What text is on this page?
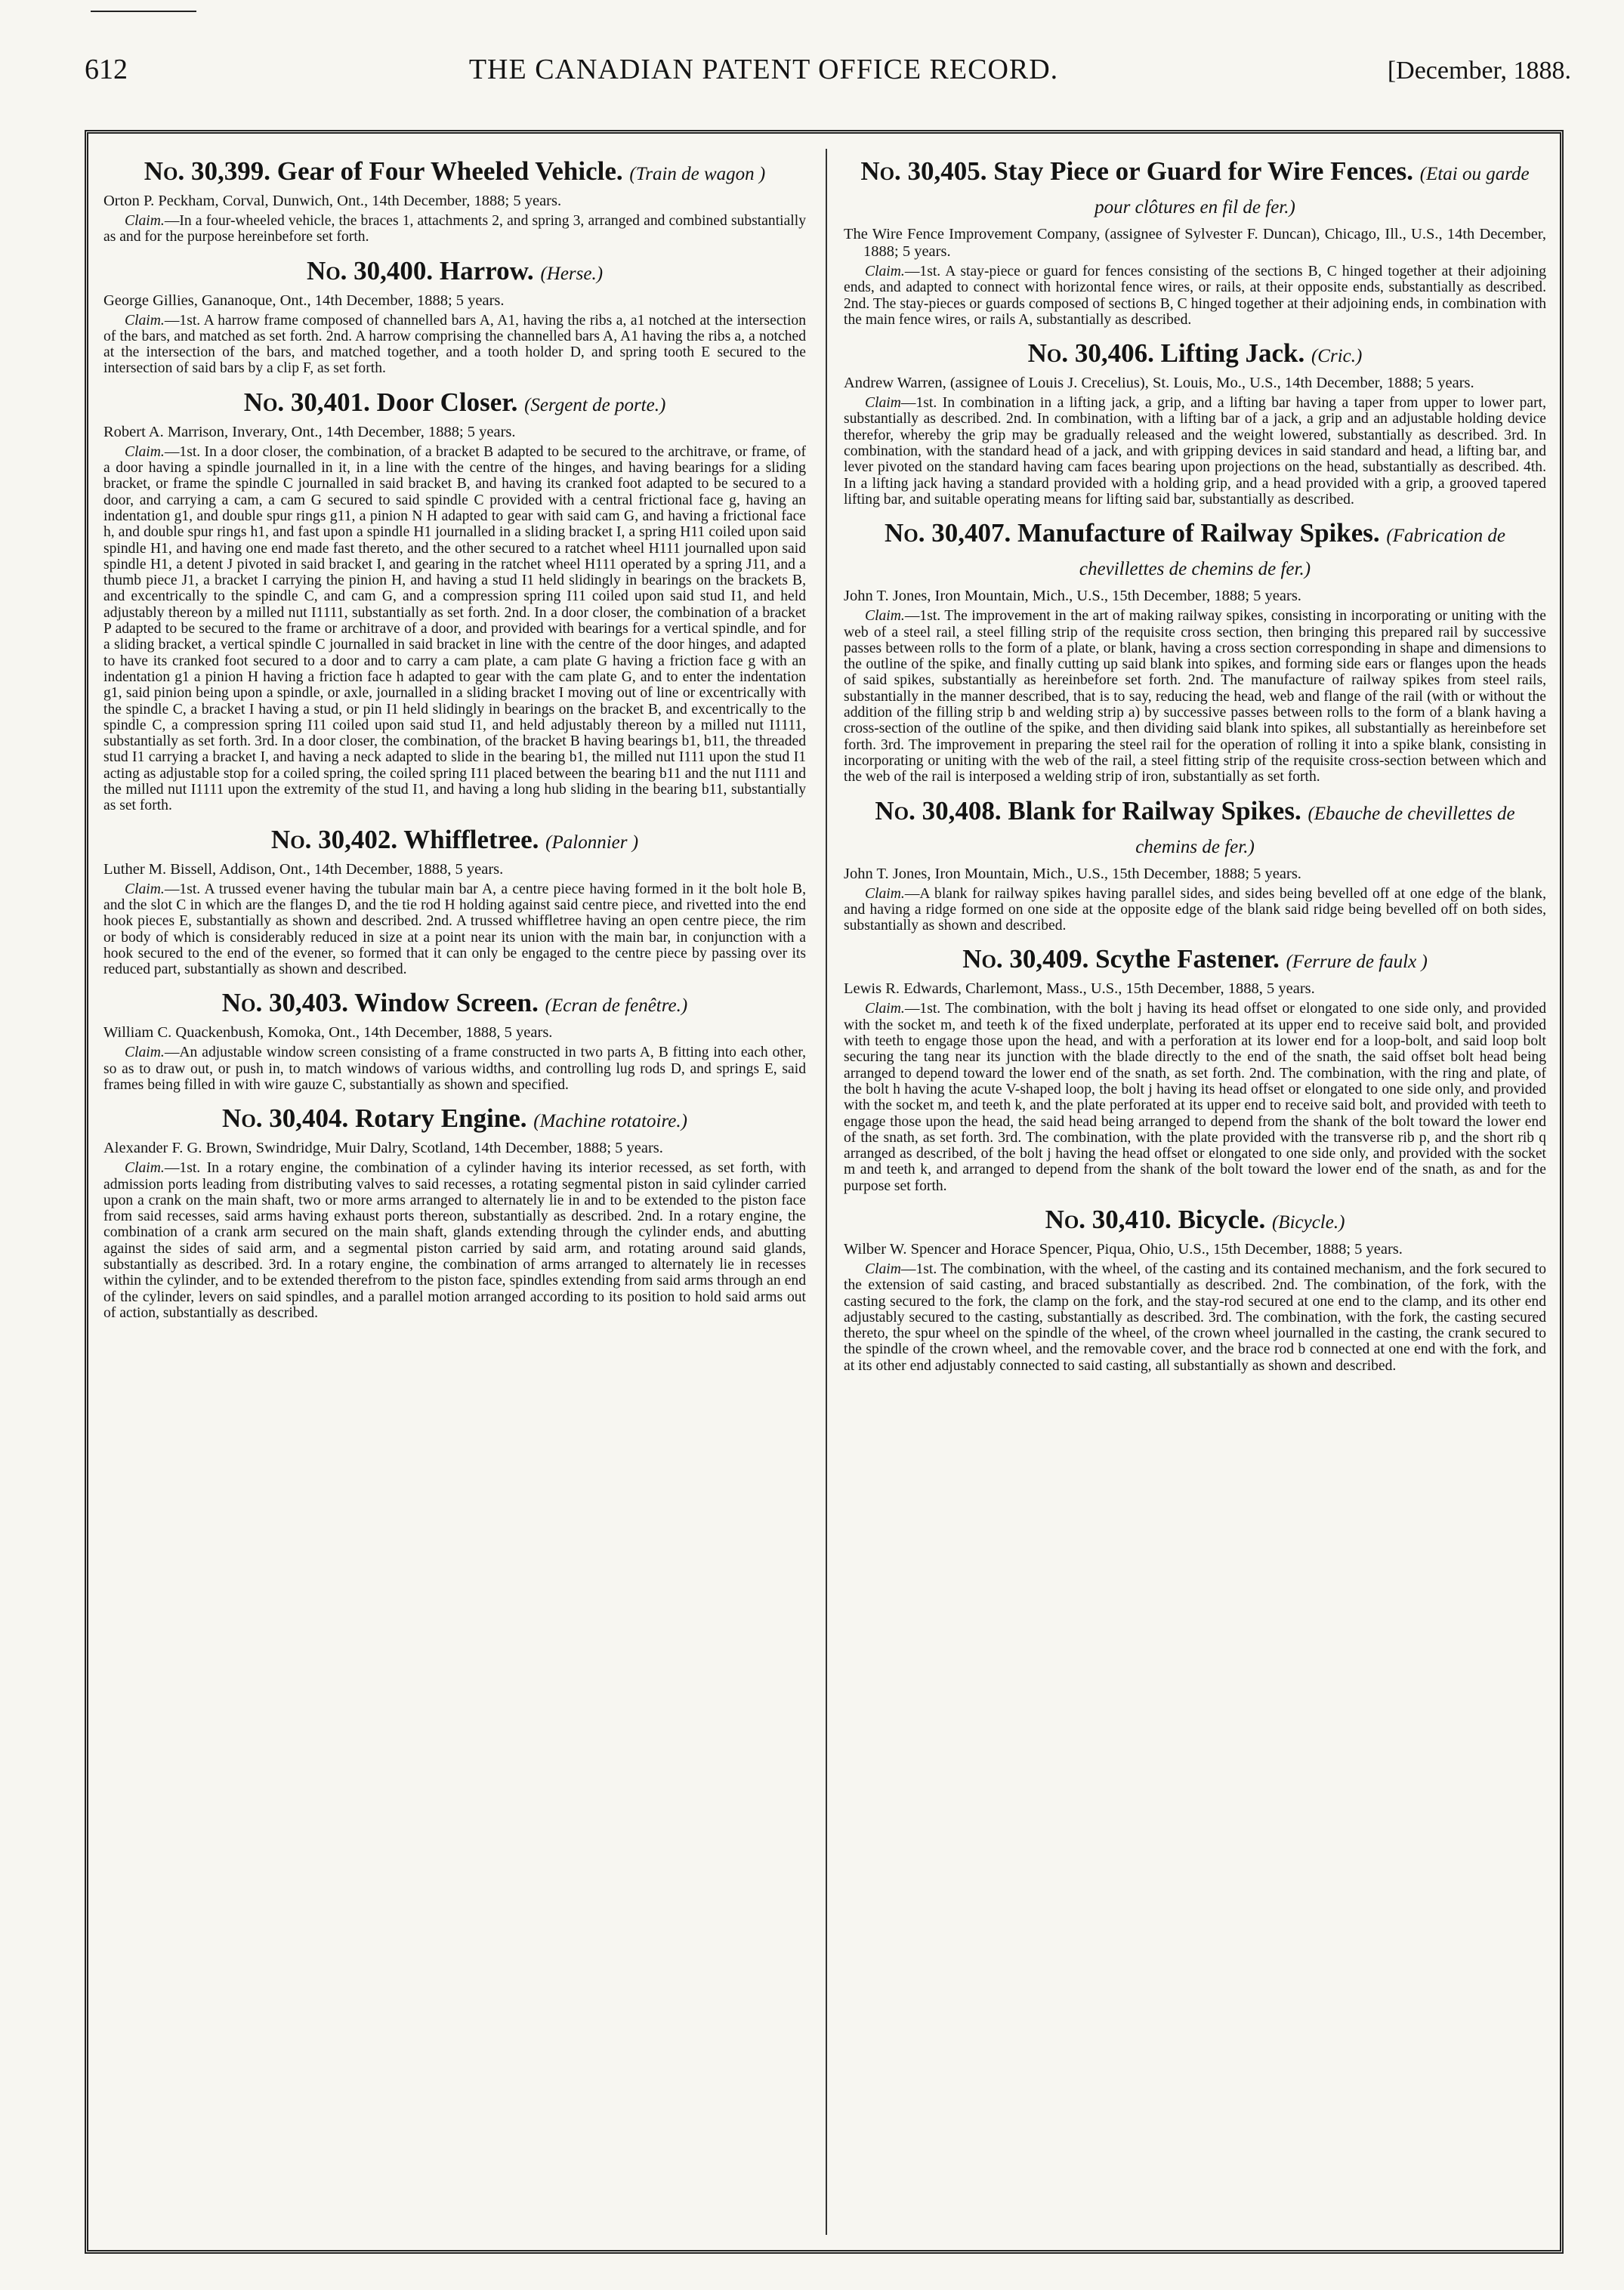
612	THE CANADIAN PATENT OFFICE RECORD.	[December, 1888.
No. 30,399. Gear of Four Wheeled Vehicle. (Train de wagon )

Orton P. Peckham, Corval, Dunwich, Ont., 14th December, 1888; 5 years.

Claim.—In a four-wheeled vehicle, the braces 1, attachments 2, and spring 3, arranged and combined substantially as and for the purpose hereinbefore set forth.

No. 30,400. Harrow. (Herse.)

George Gillies, Gananoque, Ont., 14th December, 1888; 5 years.

Claim.—1st. A harrow frame composed of channelled bars A, A1, having the ribs a, a1 notched at the intersection of the bars, and matched as set forth. 2nd. A harrow comprising the channelled bars A, A1 having the ribs a, a notched at the intersection of the bars, and matched together, and a tooth holder D, and spring tooth E secured to the intersection of said bars by a clip F, as set forth.

No. 30,401. Door Closer. (Sergent de porte.)

Robert A. Marrison, Inverary, Ont., 14th December, 1888; 5 years.

Claim.—1st. In a door closer, the combination, of a bracket B adapted to be secured to the architrave, or frame, of a door having a spindle journalled in it, in a line with the centre of the hinges, and having bearings for a sliding bracket, or frame the spindle C journalled in said bracket B, and having its cranked foot adapted to be secured to a door, and carrying a cam, a cam G secured to said spindle C provided with a central frictional face g, having an indentation g1, and double spur rings g11, a pinion N H adapted to gear with said cam G, and having a frictional face h, and double spur rings h1, and fast upon a spindle H1 journalled in a sliding bracket I, a spring H11 coiled upon said spindle H1, and having one end made fast thereto, and the other secured to a ratchet wheel H111 journalled upon said spindle H1, a detent J pivoted in said bracket I, and gearing in the ratchet wheel H111 operated by a spring J11, and a thumb piece J1, a bracket I carrying the pinion H, and having a stud I1 held slidingly in bearings on the brackets B, and excentrically to the spindle C, and cam G, and a compression spring I11 coiled upon said stud I1, and held adjustably thereon by a milled nut I1111, substantially as set forth. 2nd. In a door closer, the combination of a bracket P adapted to be secured to the frame or architrave of a door, and provided with bearings for a vertical spindle, and for a sliding bracket, a vertical spindle C journalled in said bracket in line with the centre of the door hinges, and adapted to have its cranked foot secured to a door and to carry a cam plate, a cam plate G having a friction face g with an indentation g1 a pinion H having a friction face h adapted to gear with the cam plate G, and to enter the indentation g1, said pinion being upon a spindle, or axle, journalled in a sliding bracket I moving out of line or excentrically with the spindle C, a bracket I having a stud, or pin I1 held slidingly in bearings on the bracket B, and excentrically to the spindle C, a compression spring I11 coiled upon said stud I1, and held adjustably thereon by a milled nut I1111, substantially as set forth. 3rd. In a door closer, the combination, of the bracket B having bearings b1, b11, the threaded stud I1 carrying a bracket I, and having a neck adapted to slide in the bearing b1, the milled nut I111 upon the stud I1 acting as adjustable stop for a coiled spring, the coiled spring I11 placed between the bearing b11 and the nut I111 and the milled nut I1111 upon the extremity of the stud I1, and having a long hub sliding in the bearing b11, substantially as set forth.

No. 30,402. Whiffletree. (Palonnier )

Luther M. Bissell, Addison, Ont., 14th December, 1888, 5 years.

Claim.—1st. A trussed evener having the tubular main bar A, a centre piece having formed in it the bolt hole B, and the slot C in which are the flanges D, and the tie rod H holding against said centre piece, and rivetted into the end hook pieces E, substantially as shown and described. 2nd. A trussed whiffletree having an open centre piece, the rim or body of which is considerably reduced in size at a point near its union with the main bar, in conjunction with a hook secured to the end of the evener, so formed that it can only be engaged to the centre piece by passing over its reduced part, substantially as shown and described.

No. 30,403. Window Screen. (Ecran de fenêtre.)

William C. Quackenbush, Komoka, Ont., 14th December, 1888, 5 years.

Claim.—An adjustable window screen consisting of a frame constructed in two parts A, B fitting into each other, so as to draw out, or push in, to match windows of various widths, and controlling lug rods D, and springs E, said frames being filled in with wire gauze C, substantially as shown and specified.

No. 30,404. Rotary Engine. (Machine rotatoire.)

Alexander F. G. Brown, Swindridge, Muir Dalry, Scotland, 14th December, 1888; 5 years.

Claim.—1st. In a rotary engine, the combination of a cylinder having its interior recessed, as set forth, with admission ports leading from distributing valves to said recesses, a rotating segmental piston in said cylinder carried upon a crank on the main shaft, two or more arms arranged to alternately lie in and to be extended to the piston face from said recesses, said arms having exhaust ports thereon, substantially as described. 2nd. In a rotary engine, the combination of a crank arm secured on the main shaft, glands extending through the cylinder ends, and abutting against the sides of said arm, and a segmental piston carried by said arm, and rotating around said glands, substantially as described. 3rd. In a rotary engine, the combination of arms arranged to alternately lie in recesses within the cylinder, and to be extended therefrom to the piston face, spindles extending from said arms through an end of the cylinder, levers on said spindles, and a parallel motion arranged according to its position to hold said arms out of action, substantially as described.

No. 30,405. Stay Piece or Guard for Wire Fences. (Etai ou garde pour clôtures en fil de fer.)

The Wire Fence Improvement Company, (assignee of Sylvester F. Duncan), Chicago, Ill., U.S., 14th December, 1888; 5 years.

Claim.—1st. A stay-piece or guard for fences consisting of the sections B, C hinged together at their adjoining ends, and adapted to connect with horizontal fence wires, or rails, at their opposite ends, substantially as described. 2nd. The stay-pieces or guards composed of sections B, C hinged together at their adjoining ends, in combination with the main fence wires, or rails A, substantially as described.

No. 30,406. Lifting Jack. (Cric.)

Andrew Warren, (assignee of Louis J. Crecelius), St. Louis, Mo., U.S., 14th December, 1888; 5 years.

Claim—1st. In combination in a lifting jack, a grip, and a lifting bar having a taper from upper to lower part, substantially as described. 2nd. In combination, with a lifting bar of a jack, a grip and an adjustable holding device therefor, whereby the grip may be gradually released and the weight lowered, substantially as described. 3rd. In combination, with the standard head of a jack, and with gripping devices in said standard and head, a lifting bar, and lever pivoted on the standard having cam faces bearing upon projections on the head, substantially as described. 4th. In a lifting jack having a standard provided with a holding grip, and a head provided with a grip, a grooved tapered lifting bar, and suitable operating means for lifting said bar, substantially as described.

No. 30,407. Manufacture of Railway Spikes. (Fabrication de chevillettes de chemins de fer.)

John T. Jones, Iron Mountain, Mich., U.S., 15th December, 1888; 5 years.

Claim.—1st. The improvement in the art of making railway spikes, consisting in incorporating or uniting with the web of a steel rail, a steel filling strip of the requisite cross section, then bringing this prepared rail by successive passes between rolls to the form of a plate, or blank, having a cross section corresponding in shape and dimensions to the outline of the spike, and finally cutting up said blank into spikes, and forming side ears or flanges upon the heads of said spikes, substantially as hereinbefore set forth. 2nd. The manufacture of railway spikes from steel rails, substantially in the manner described, that is to say, reducing the head, web and flange of the rail (with or without the addition of the filling strip b and welding strip a) by successive passes between rolls to the form of a blank having a cross-section of the outline of the spike, and then dividing said blank into spikes, all substantially as hereinbefore set forth. 3rd. The improvement in preparing the steel rail for the operation of rolling it into a spike blank, consisting in incorporating or uniting with the web of the rail, a steel fitting strip of the requisite cross-section between which and the web of the rail is interposed a welding strip of iron, substantially as set forth.

No. 30,408. Blank for Railway Spikes. (Ebauche de chevillettes de chemins de fer.)

John T. Jones, Iron Mountain, Mich., U.S., 15th December, 1888; 5 years.

Claim.—A blank for railway spikes having parallel sides, and sides being bevelled off at one edge of the blank, and having a ridge formed on one side at the opposite edge of the blank said ridge being bevelled off on both sides, substantially as shown and described.

No. 30,409. Scythe Fastener. (Ferrure de faulx )

Lewis R. Edwards, Charlemont, Mass., U.S., 15th December, 1888, 5 years.

Claim.—1st. The combination, with the bolt j having its head offset or elongated to one side only, and provided with the socket m, and teeth k of the fixed underplate, perforated at its upper end to receive said bolt, and provided with teeth to engage those upon the head, and with a perforation at its lower end for a loop-bolt, and said loop bolt securing the tang near its junction with the blade directly to the end of the snath, the said offset bolt head being arranged to depend toward the lower end of the snath, as set forth. 2nd. The combination, with the ring and plate, of the bolt h having the acute V-shaped loop, the bolt j having its head offset or elongated to one side only, and provided with the socket m, and teeth k, and the plate perforated at its upper end to receive said bolt, and provided with teeth to engage those upon the head, the said head being arranged to depend from the shank of the bolt toward the lower end of the snath, as set forth. 3rd. The combination, with the plate provided with the transverse rib p, and the short rib q arranged as described, of the bolt j having the head offset or elongated to one side only, and provided with the socket m and teeth k, and arranged to depend from the shank of the bolt toward the lower end of the snath, as and for the purpose set forth.

No. 30,410. Bicycle. (Bicycle.)

Wilber W. Spencer and Horace Spencer, Piqua, Ohio, U.S., 15th December, 1888; 5 years.

Claim—1st. The combination, with the wheel, of the casting and its contained mechanism, and the fork secured to the extension of said casting, and braced substantially as described. 2nd. The combination, of the fork, with the casting secured to the fork, the clamp on the fork, and the stay-rod secured at one end to the clamp, and its other end adjustably secured to the casting, substantially as described. 3rd. The combination, with the fork, the casting secured thereto, the spur wheel on the spindle of the wheel, of the crown wheel journalled in the casting, the crank secured to the spindle of the crown wheel, and the removable cover, and the brace rod b connected at one end with the fork, and at its other end adjustably connected to said casting, all substantially as shown and described.
